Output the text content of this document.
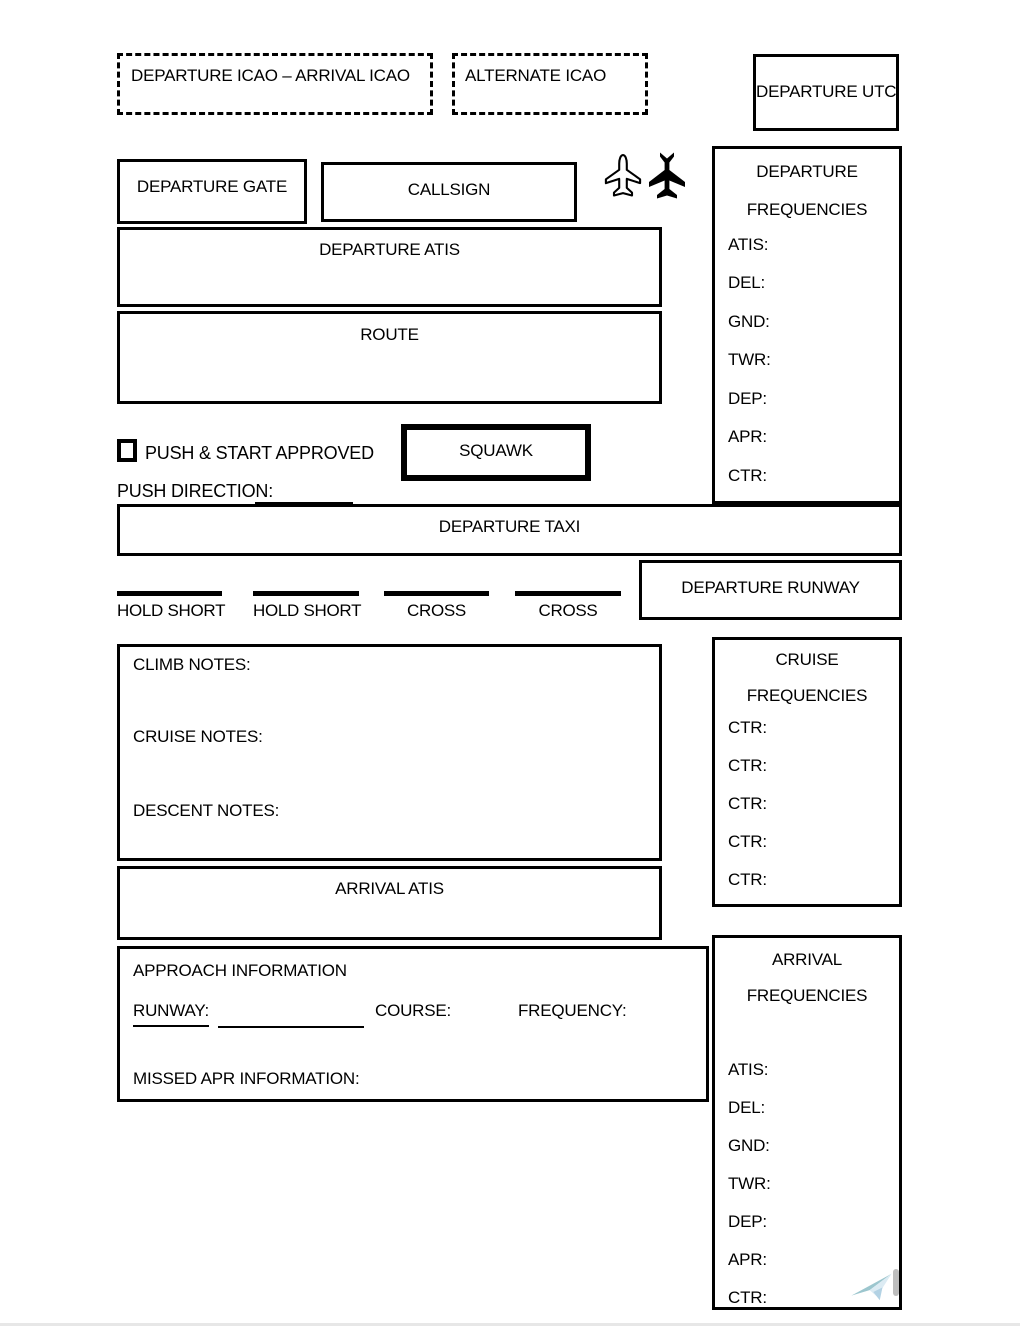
DEPARTURE ICAO – ARRIVAL ICAO	ALTERNATE ICAO
DEPARTURE UTC
DEPARTURE GATE	CALLSIGN
DEPARTURE
FREQUENCIES
ATIS:
DEL:
GND:
TWR:
DEP:
APR:
CTR:
DEPARTURE ATIS
ROUTE
PUSH & START APPROVED	SQUAWK
PUSH DIRECTION:
DEPARTURE TAXI
DEPARTURE RUNWAY
HOLD SHORT HOLD SHORT	CROSS	CROSS
CLIMB NOTES:
CRUISE NOTES:
DESCENT NOTES:
CRUISE
FREQUENCIES
CTR:
CTR:
CTR:
CTR:
CTR:
ARRIVAL ATIS
APPROACH INFORMATION
RUNWAY:	COURSE:	FREQUENCY:
MISSED APR INFORMATION:
ARRIVAL
FREQUENCIES
ATIS:
DEL:
GND:
TWR:
DEP:
APR:
CTR:
